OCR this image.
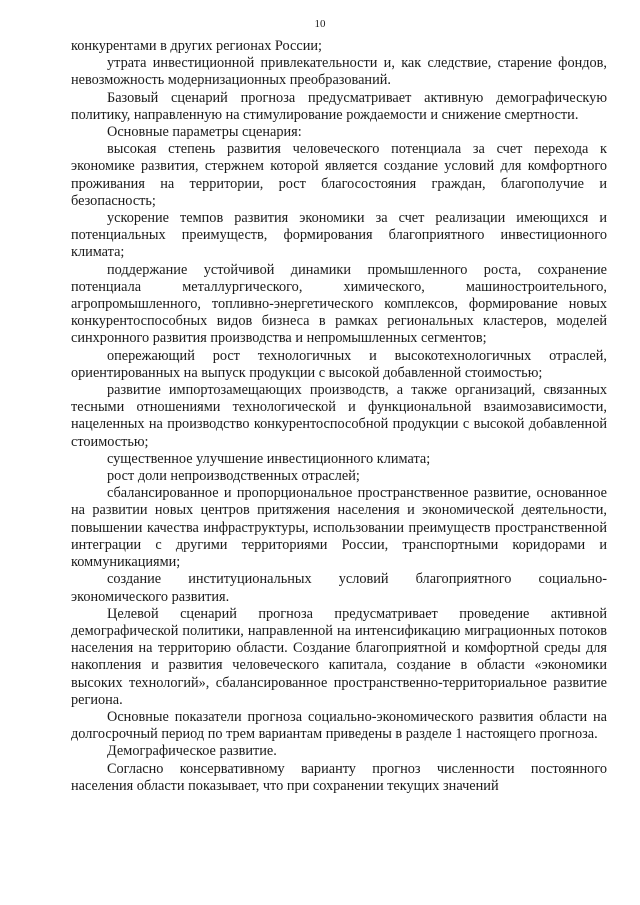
10

конкурентами в других регионах России;

утрата инвестиционной привлекательности и, как следствие, старение фондов, невозможность модернизационных преобразований.

Базовый сценарий прогноза предусматривает активную демографическую политику, направленную на стимулирование рождаемости и снижение смертности.

Основные параметры сценария:

высокая степень развития человеческого потенциала за счет перехода к экономике развития, стержнем которой является создание условий для комфортного проживания на территории, рост благосостояния граждан, благополучие и безопасность;

ускорение темпов развития экономики за счет реализации имеющихся и потенциальных преимуществ, формирования благоприятного инвестиционного климата;

поддержание устойчивой динамики промышленного роста, сохранение потенциала металлургического, химического, машиностроительного, агропромышленного, топливно-энергетического комплексов, формирование новых конкурентоспособных видов бизнеса в рамках региональных кластеров, моделей синхронного развития производства и непромышленных сегментов;

опережающий рост технологичных и высокотехнологичных отраслей, ориентированных на выпуск продукции с высокой добавленной стоимостью;

развитие импортозамещающих производств, а также организаций, связанных тесными отношениями технологической и функциональной взаимозависимости, нацеленных на производство конкурентоспособной продукции с высокой добавленной стоимостью;

существенное улучшение инвестиционного климата;

рост доли непроизводственных отраслей;

сбалансированное и пропорциональное пространственное развитие, основанное на развитии новых центров притяжения населения и экономической деятельности, повышении качества инфраструктуры, использовании преимуществ пространственной интеграции с другими территориями России, транспортными коридорами и коммуникациями;

создание институциональных условий благоприятного социально-экономического развития.

Целевой сценарий прогноза предусматривает проведение активной демографической политики, направленной на интенсификацию миграционных потоков населения на территорию области. Создание благоприятной и комфортной среды для накопления и развития человеческого капитала, создание в области «экономики высоких технологий», сбалансированное пространственно-территориальное развитие региона.

Основные показатели прогноза социально-экономического развития области на долгосрочный период по трем вариантам приведены в разделе 1 настоящего прогноза.

Демографическое развитие.

Согласно консервативному варианту прогноз численности постоянного населения области показывает, что при сохранении текущих значений
